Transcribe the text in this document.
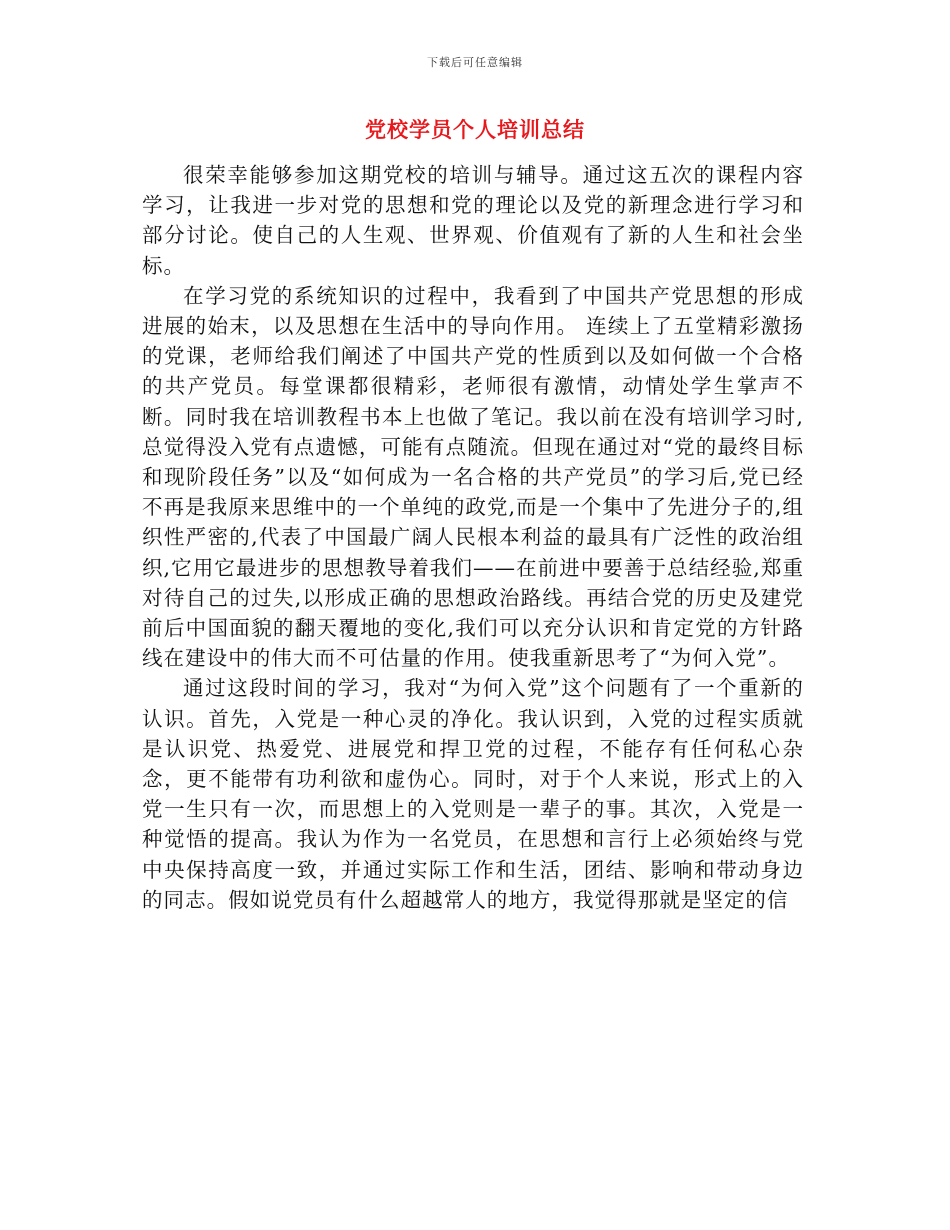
下载后可任意编辑
党校学员个人培训总结

很荣幸能够参加这期党校的培训与辅导。通过这五次的课程内容学习，让我进一步对党的思想和党的理论以及党的新理念进行学习和部分讨论。使自己的人生观、世界观、价值观有了新的人生和社会坐标。

在学习党的系统知识的过程中，我看到了中国共产党思想的形成进展的始末，以及思想在生活中的导向作用。 连续上了五堂精彩激扬的党课，老师给我们阐述了中国共产党的性质到以及如何做一个合格的共产党员。每堂课都很精彩，老师很有激情，动情处学生掌声不断。同时我在培训教程书本上也做了笔记。我以前在没有培训学习时,总觉得没入党有点遗憾，可能有点随流。但现在通过对“党的最终目标和现阶段任务”以及“如何成为一名合格的共产党员”的学习后,党已经不再是我原来思维中的一个单纯的政党,而是一个集中了先进分子的,组织性严密的,代表了中国最广阔人民根本利益的最具有广泛性的政治组织,它用它最进步的思想教导着我们——在前进中要善于总结经验,郑重对待自己的过失,以形成正确的思想政治路线。再结合党的历史及建党前后中国面貌的翻天覆地的变化,我们可以充分认识和肯定党的方针路线在建设中的伟大而不可估量的作用。使我重新思考了“为何入党”。

通过这段时间的学习，我对“为何入党”这个问题有了一个重新的认识。首先，入党是一种心灵的净化。我认识到，入党的过程实质就是认识党、热爱党、进展党和捍卫党的过程，不能存有任何私心杂念，更不能带有功利欲和虚伪心。同时，对于个人来说，形式上的入党一生只有一次，而思想上的入党则是一辈子的事。其次，入党是一种觉悟的提高。我认为作为一名党员，在思想和言行上必须始终与党中央保持高度一致，并通过实际工作和生活，团结、影响和带动身边的同志。假如说党员有什么超越常人的地方，我觉得那就是坚定的信
